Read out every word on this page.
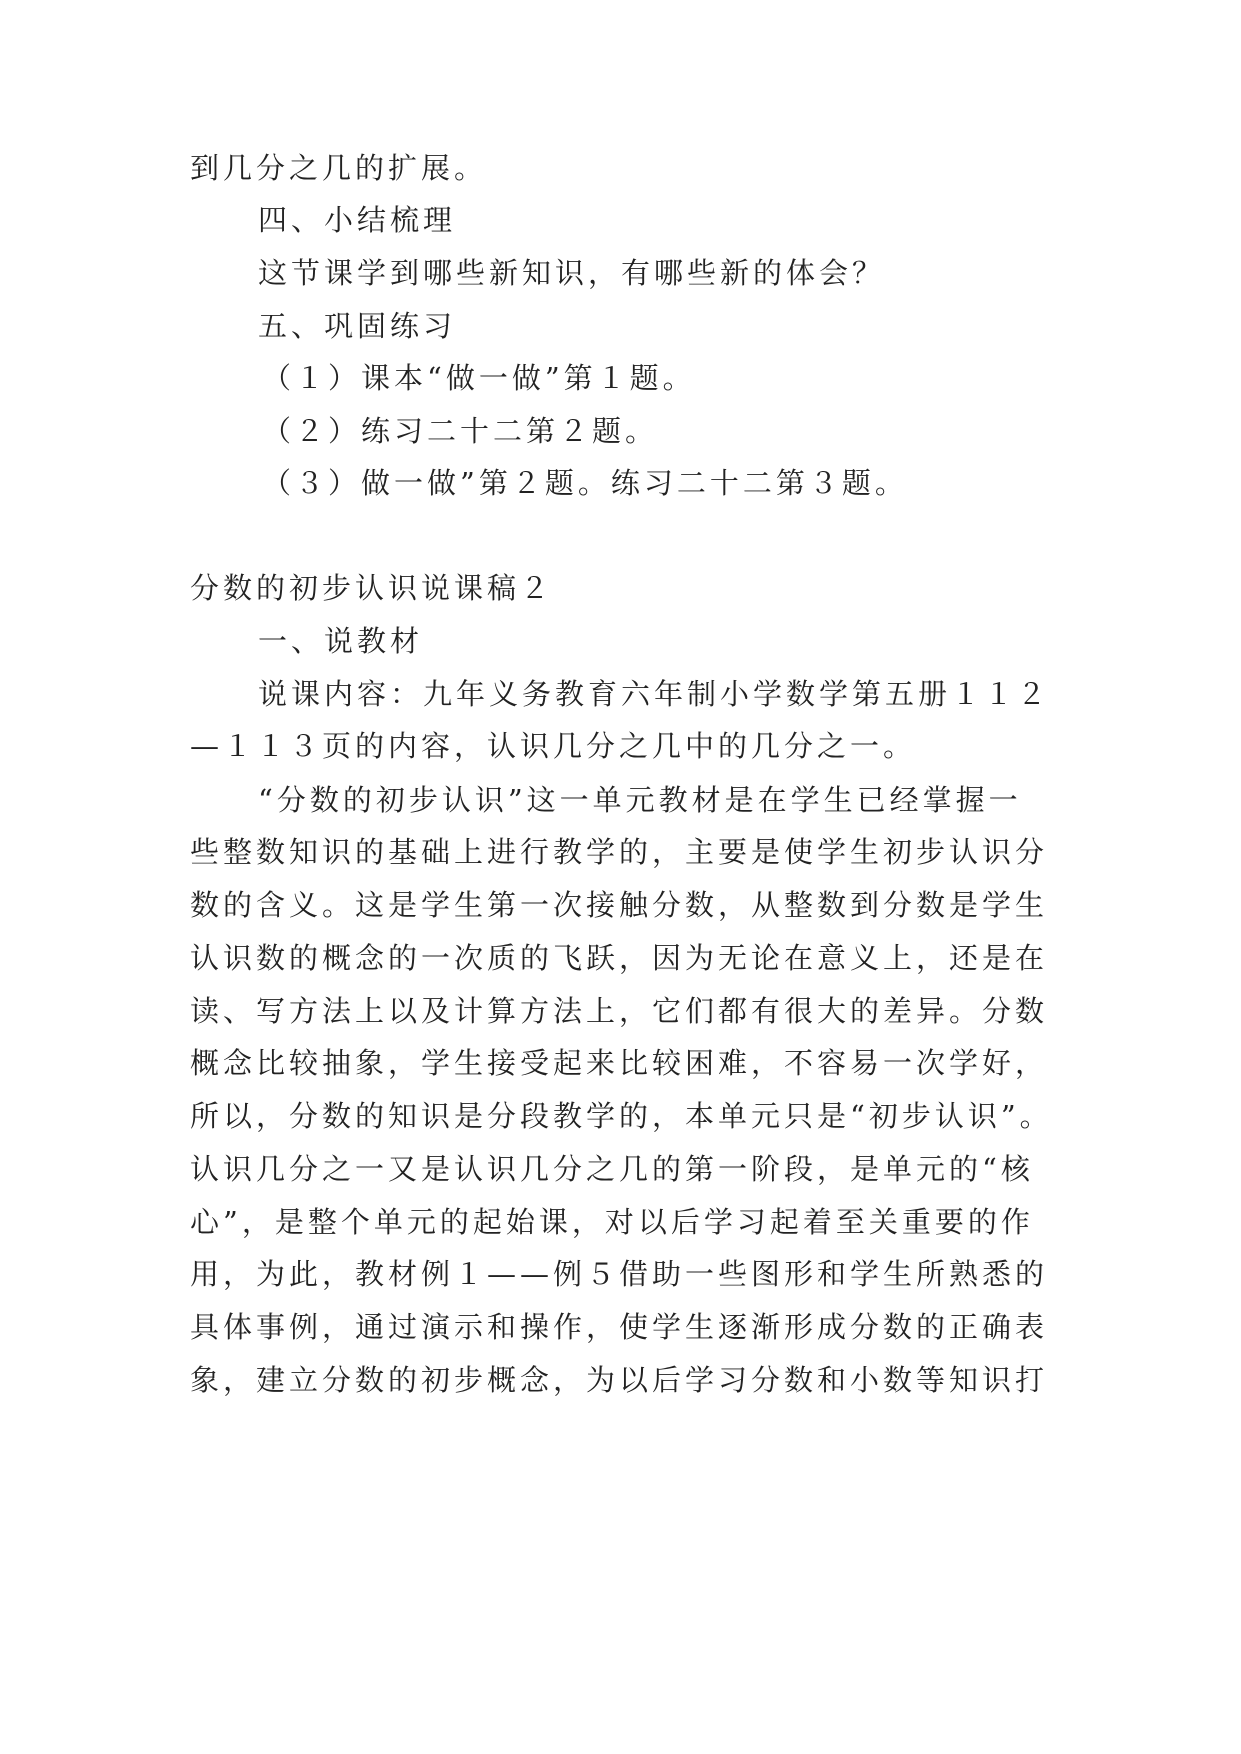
到几分之几的扩展。
四、小结梳理
这节课学到哪些新知识，有哪些新的体会？
五、巩固练习
（１）课本“做一做”第１题。
（２）练习二十二第２题。
（３）做一做”第２题。练习二十二第３题。
分数的初步认识说课稿２
一、说教材
说课内容：九年义务教育六年制小学数学第五册１１２
—１１３页的内容，认识几分之几中的几分之一。
“分数的初步认识”这一单元教材是在学生已经掌握一
些整数知识的基础上进行教学的，主要是使学生初步认识分
数的含义。这是学生第一次接触分数，从整数到分数是学生
认识数的概念的一次质的飞跃，因为无论在意义上，还是在
读、写方法上以及计算方法上，它们都有很大的差异。分数
概念比较抽象，学生接受起来比较困难，不容易一次学好，
所以，分数的知识是分段教学的，本单元只是“初步认识”。
认识几分之一又是认识几分之几的第一阶段，是单元的“核
心”，是整个单元的起始课，对以后学习起着至关重要的作
用，为此，教材例１——例５借助一些图形和学生所熟悉的
具体事例，通过演示和操作，使学生逐渐形成分数的正确表
象，建立分数的初步概念，为以后学习分数和小数等知识打
